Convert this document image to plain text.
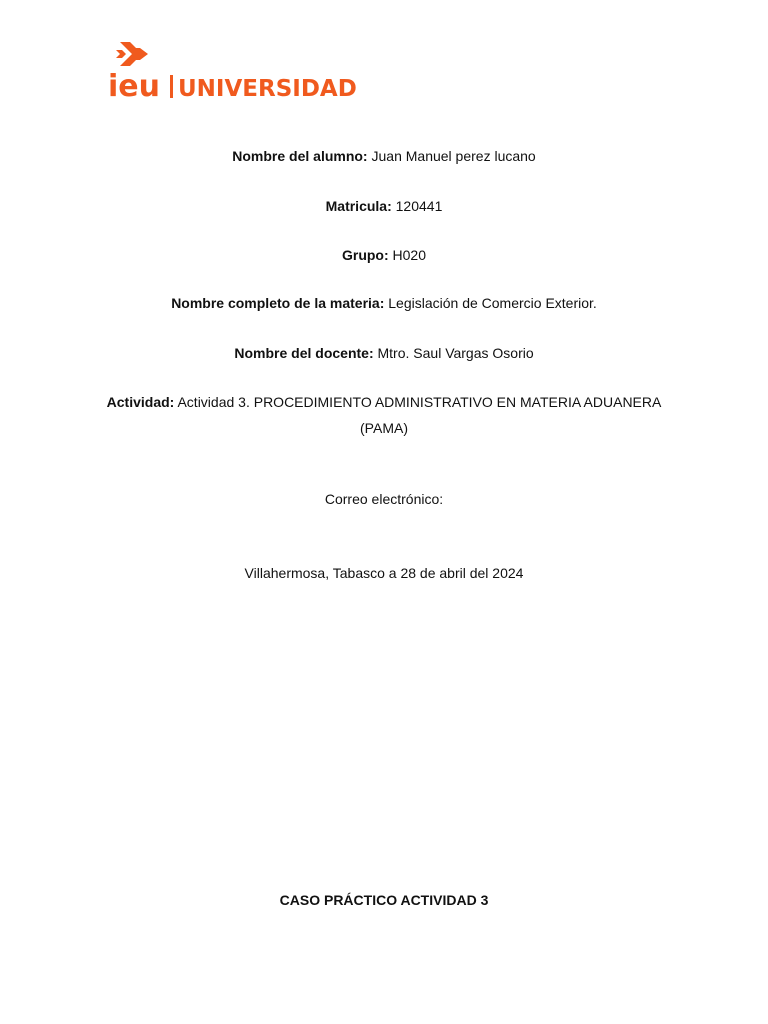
ieu UNIVERSIDAD

Nombre del alumno: Juan Manuel perez lucano

Matricula: 120441

Grupo: H020

Nombre completo de la materia: Legislación de Comercio Exterior.

Nombre del docente: Mtro. Saul Vargas Osorio

Actividad: Actividad 3. PROCEDIMIENTO ADMINISTRATIVO EN MATERIA ADUANERA (PAMA)

Correo electrónico:

Villahermosa, Tabasco a 28 de abril del 2024

CASO PRÁCTICO ACTIVIDAD 3
